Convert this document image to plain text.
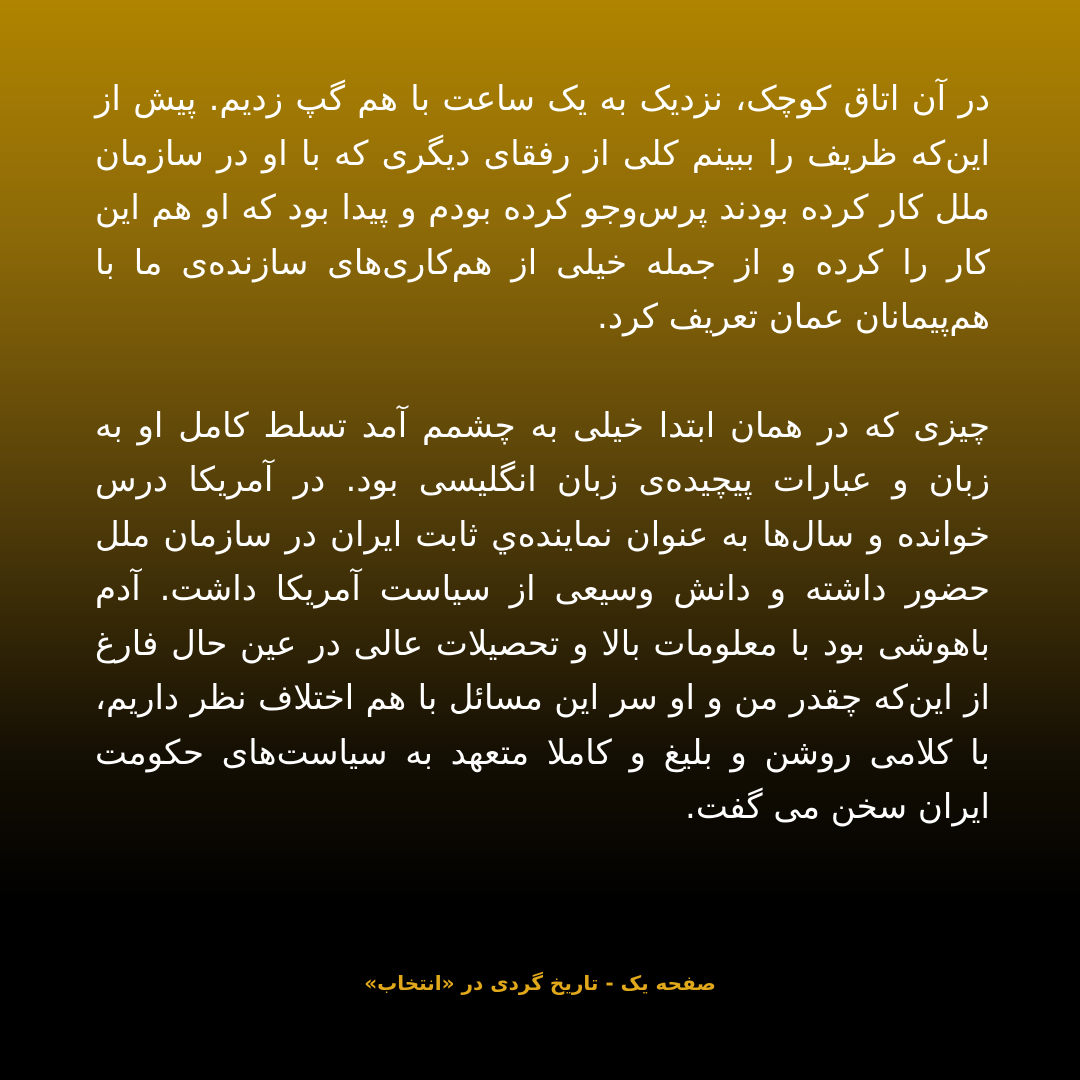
در آن اتاق کوچک، نزدیک به یک ساعت با هم گپ زدیم. پیش از این‌که ظریف را ببینم کلی از رفقای دیگری که با او در سازمان ملل کار کرده بودند پرس‌وجو کرده بودم و پیدا بود که او هم این کار را کرده و از جمله خیلی از هم‌کاری‌های سازنده‌ی ما با هم‌پیمانان عمان تعریف کرد.

چیزی که در همان ابتدا خیلی به چشمم آمد تسلط کامل او به زبان و عبارات پیچیده‌ی زبان انگلیسی بود. در آمریکا درس خوانده و سال‌ها به عنوان نماینده‌ي ثابت ایران در سازمان ملل حضور داشته و دانش وسیعی از سیاست آمریکا داشت. آدم باهوشی بود با معلومات بالا و تحصیلات عالی در عین حال فارغ از این‌که چقدر من و او سر این مسائل با هم اختلاف نظر داریم، با کلامی روشن و بلیغ و کاملا متعهد به سیاست‌های حکومت ایران سخن می گفت.

صفحه یک - تاریخ گردی در «انتخاب»
